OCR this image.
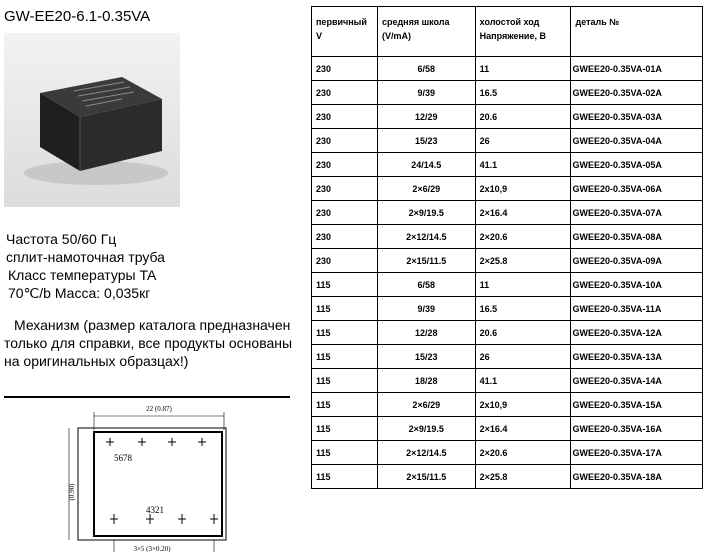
GW-EE20-6.1-0.35VA
Частота 50/60 Гц
сплит-намоточная труба
Класс температуры TA
70℃/b Масса: 0,035кг
Механизм (размер каталога предназначен только для справки, все продукты основаны на оригинальных образцах!)
22 (0.87)
(0.90)
5678
4321
3×5 (3×0.20)
первичный V	средняя школа (V/mA)	холостой ход Напряжение, В	деталь №
230	6/58	11	GWEE20-0.35VA-01A
230	9/39	16.5	GWEE20-0.35VA-02A
230	12/29	20.6	GWEE20-0.35VA-03A
230	15/23	26	GWEE20-0.35VA-04A
230	24/14.5	41.1	GWEE20-0.35VA-05A
230	2×6/29	2x10,9	GWEE20-0.35VA-06A
230	2×9/19.5	2×16.4	GWEE20-0.35VA-07A
230	2×12/14.5	2×20.6	GWEE20-0.35VA-08A
230	2×15/11.5	2×25.8	GWEE20-0.35VA-09A
115	6/58	11	GWEE20-0.35VA-10A
115	9/39	16.5	GWEE20-0.35VA-11A
115	12/28	20.6	GWEE20-0.35VA-12A
115	15/23	26	GWEE20-0.35VA-13A
115	18/28	41.1	GWEE20-0.35VA-14A
115	2×6/29	2x10,9	GWEE20-0.35VA-15A
115	2×9/19.5	2×16.4	GWEE20-0.35VA-16A
115	2×12/14.5	2×20.6	GWEE20-0.35VA-17A
115	2×15/11.5	2×25.8	GWEE20-0.35VA-18A
